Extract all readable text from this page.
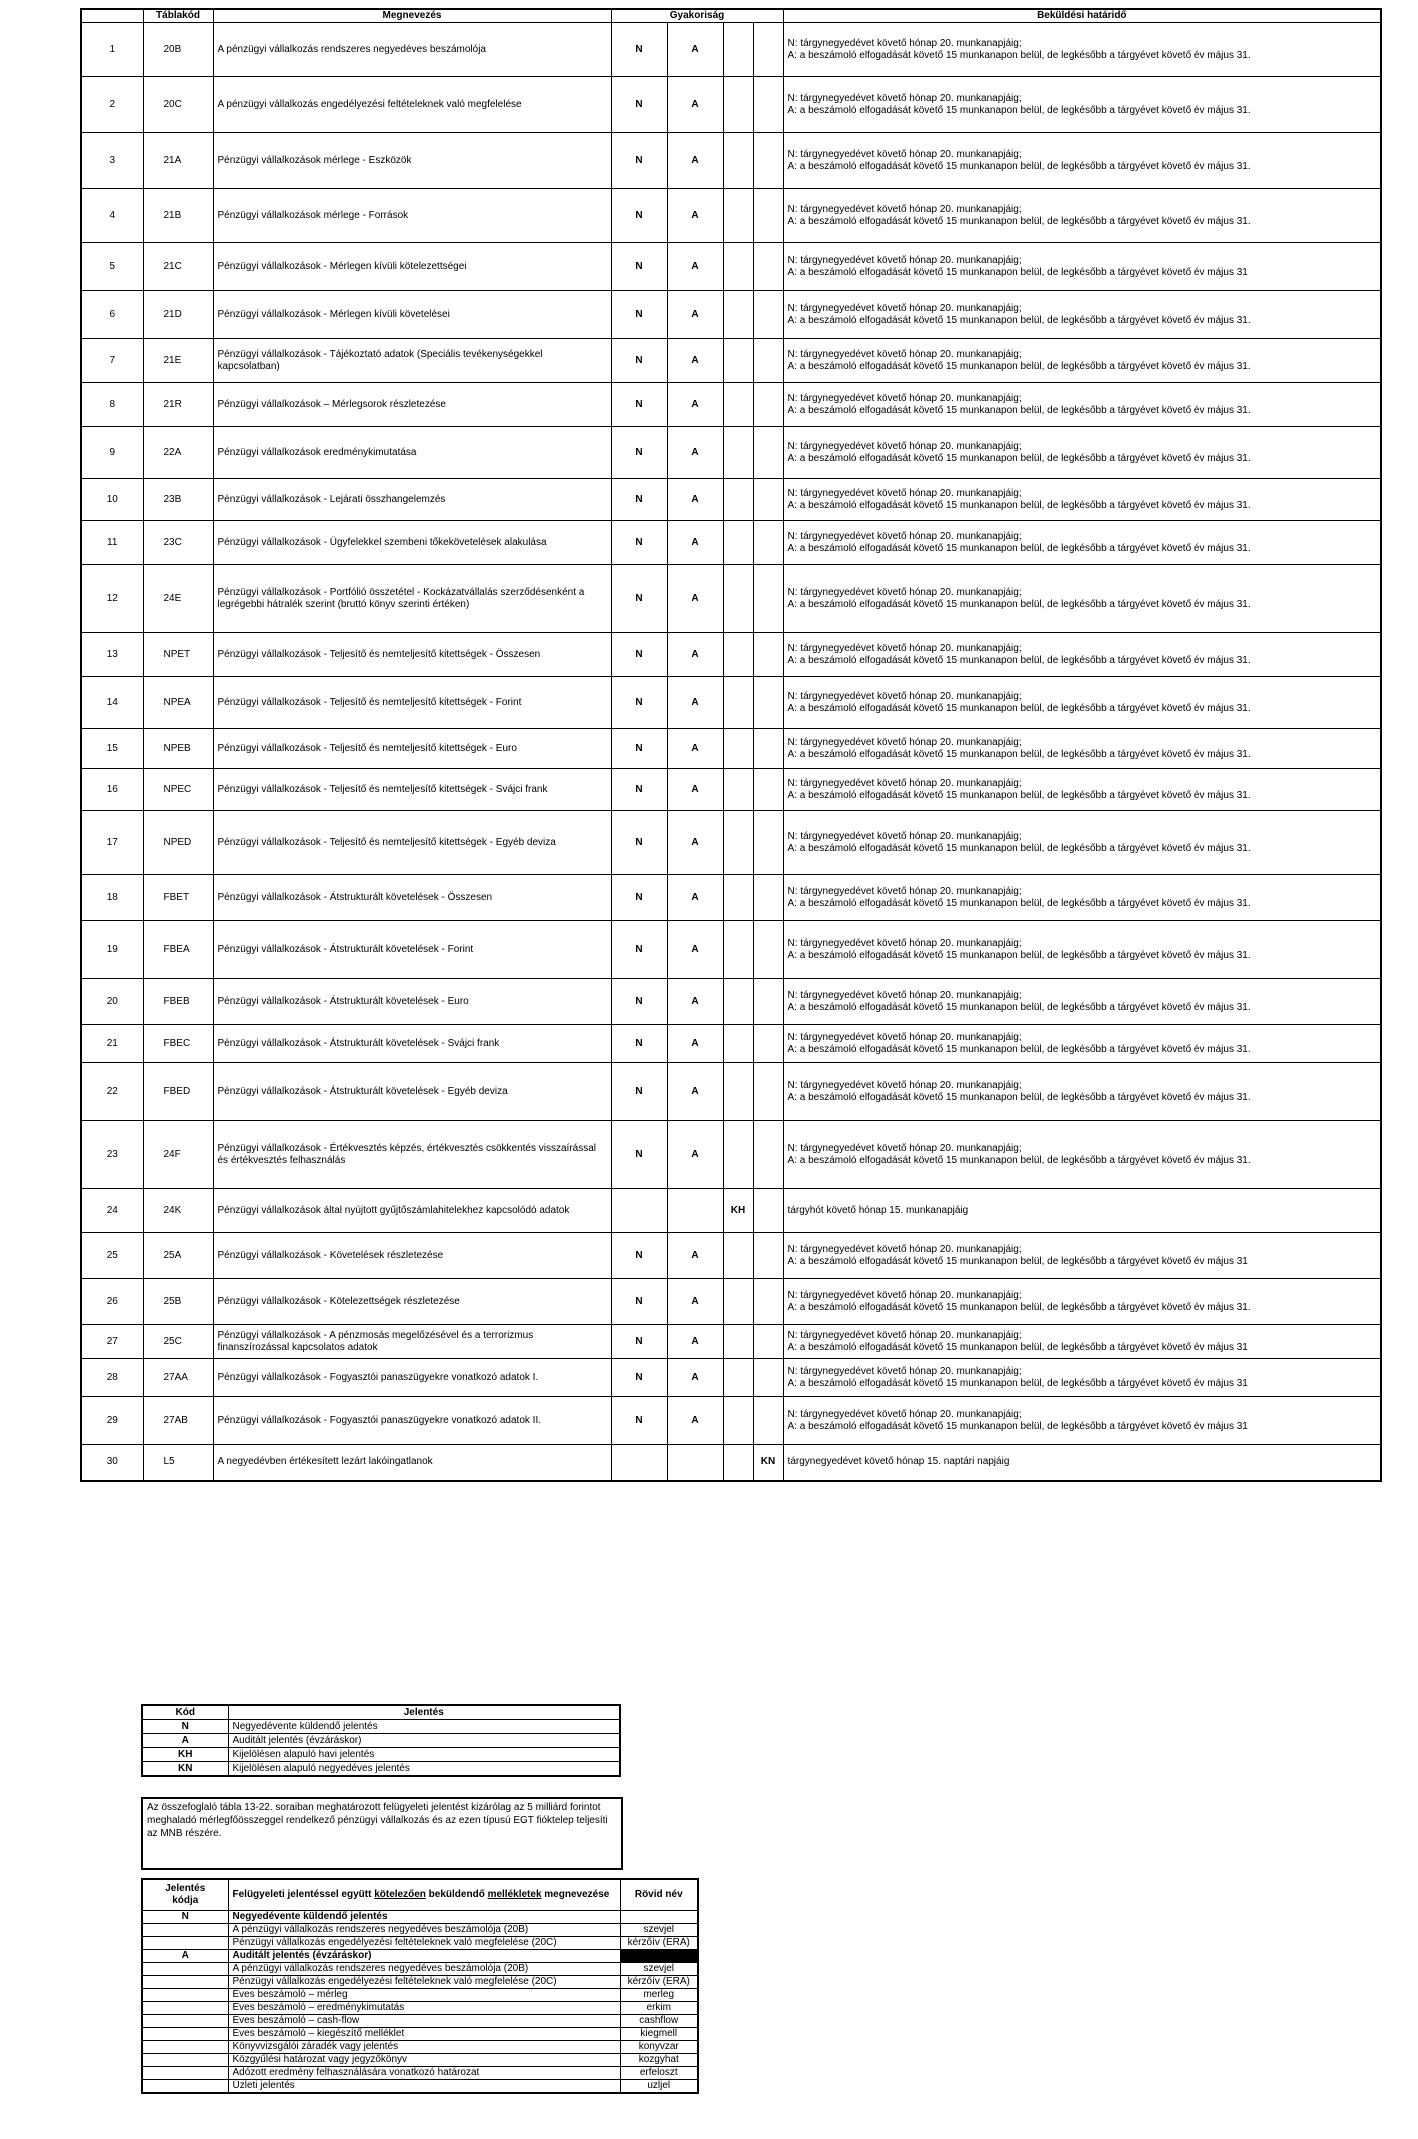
	Táblakód	Megnevezés	Gyakoriság				Beküldési határidő
1	20B	A pénzügyi vállalkozás rendszeres negyedéves beszámolója	N	A			N: tárgynegyedévet követő hónap 20. munkanapjáig;
A: a beszámoló elfogadását követő 15 munkanapon belül, de legkésőbb a tárgyévet követő év május 31.

2	20C	A pénzügyi vállalkozás engedélyezési feltételeknek való megfelelése	N	A			N: tárgynegyedévet követő hónap 20. munkanapjáig;
A: a beszámoló elfogadását követő 15 munkanapon belül, de legkésőbb a tárgyévet követő év május 31.

3	21A	Pénzügyi vállalkozások mérlege - Eszközök	N	A			N: tárgynegyedévet követő hónap 20. munkanapjáig;
A: a beszámoló elfogadását követő 15 munkanapon belül, de legkésőbb a tárgyévet követő év május 31.

4	21B	Pénzügyi vállalkozások mérlege - Források	N	A			N: tárgynegyedévet követő hónap 20. munkanapjáig;
A: a beszámoló elfogadását követő 15 munkanapon belül, de legkésőbb a tárgyévet követő év május 31.

5	21C	Pénzügyi vállalkozások - Mérlegen kívüli kötelezettségei	N	A			N: tárgynegyedévet követő hónap 20. munkanapjáig;
A: a beszámoló elfogadását követő 15 munkanapon belül, de legkésőbb a tárgyévet követő év május 31

6	21D	Pénzügyi vállalkozások - Mérlegen kívüli követelései	N	A			N: tárgynegyedévet követő hónap 20. munkanapjáig;
A: a beszámoló elfogadását követő 15 munkanapon belül, de legkésőbb a tárgyévet követő év május 31.

7	21E	Pénzügyi vállalkozások - Tájékoztató adatok (Speciális tevékenységekkel kapcsolatban)	N	A			N: tárgynegyedévet követő hónap 20. munkanapjáig;
A: a beszámoló elfogadását követő 15 munkanapon belül, de legkésőbb a tárgyévet követő év május 31.

8	21R	Pénzügyi vállalkozások – Mérlegsorok részletezése	N	A			N: tárgynegyedévet követő hónap 20. munkanapjáig;
A: a beszámoló elfogadását követő 15 munkanapon belül, de legkésőbb a tárgyévet követő év május 31.

9	22A	Pénzügyi vállalkozások eredménykimutatása	N	A			N: tárgynegyedévet követő hónap 20. munkanapjáig;
A: a beszámoló elfogadását követő 15 munkanapon belül, de legkésőbb a tárgyévet követő év május 31.

10	23B	Pénzügyi vállalkozások - Lejárati összhangelemzés	N	A			N: tárgynegyedévet követő hónap 20. munkanapjáig;
A: a beszámoló elfogadását követő 15 munkanapon belül, de legkésőbb a tárgyévet követő év május 31.

11	23C	Pénzügyi vállalkozások - Ügyfelekkel szembeni tőkekövetelések alakulása	N	A			N: tárgynegyedévet követő hónap 20. munkanapjáig;
A: a beszámoló elfogadását követő 15 munkanapon belül, de legkésőbb a tárgyévet követő év május 31.

12	24E	Pénzügyi vállalkozások - Portfólió összetétel - Kockázatvállalás szerződésenként a legrégebbi hátralék szerint (bruttó könyv szerinti értéken)	N	A			N: tárgynegyedévet követő hónap 20. munkanapjáig;
A: a beszámoló elfogadását követő 15 munkanapon belül, de legkésőbb a tárgyévet követő év május 31.

13	NPET	Pénzügyi vállalkozások - Teljesítő és nemteljesítő kitettségek - Összesen	N	A			N: tárgynegyedévet követő hónap 20. munkanapjáig;
A: a beszámoló elfogadását követő 15 munkanapon belül, de legkésőbb a tárgyévet követő év május 31.

14	NPEA	Pénzügyi vállalkozások - Teljesítő és nemteljesítő kitettségek - Forint	N	A			N: tárgynegyedévet követő hónap 20. munkanapjáig;
A: a beszámoló elfogadását követő 15 munkanapon belül, de legkésőbb a tárgyévet követő év május 31.

15	NPEB	Pénzügyi vállalkozások - Teljesítő és nemteljesítő kitettségek - Euro	N	A			N: tárgynegyedévet követő hónap 20. munkanapjáig;
A: a beszámoló elfogadását követő 15 munkanapon belül, de legkésőbb a tárgyévet követő év május 31.

16	NPEC	Pénzügyi vállalkozások - Teljesítő és nemteljesítő kitettségek - Svájci frank	N	A			N: tárgynegyedévet követő hónap 20. munkanapjáig;
A: a beszámoló elfogadását követő 15 munkanapon belül, de legkésőbb a tárgyévet követő év május 31.

17	NPED	Pénzügyi vállalkozások - Teljesítő és nemteljesítő kitettségek - Egyéb deviza	N	A			N: tárgynegyedévet követő hónap 20. munkanapjáig;
A: a beszámoló elfogadását követő 15 munkanapon belül, de legkésőbb a tárgyévet követő év május 31.

18	FBET	Pénzügyi vállalkozások - Átstrukturált követelések - Összesen	N	A			N: tárgynegyedévet követő hónap 20. munkanapjáig;
A: a beszámoló elfogadását követő 15 munkanapon belül, de legkésőbb a tárgyévet követő év május 31.

19	FBEA	Pénzügyi vállalkozások - Átstrukturált követelések - Forint	N	A			N: tárgynegyedévet követő hónap 20. munkanapjáig;
A: a beszámoló elfogadását követő 15 munkanapon belül, de legkésőbb a tárgyévet követő év május 31.

20	FBEB	Pénzügyi vállalkozások - Átstrukturált követelések - Euro	N	A			N: tárgynegyedévet követő hónap 20. munkanapjáig;
A: a beszámoló elfogadását követő 15 munkanapon belül, de legkésőbb a tárgyévet követő év május 31.

21	FBEC	Pénzügyi vállalkozások - Átstrukturált követelések - Svájci frank	N	A			N: tárgynegyedévet követő hónap 20. munkanapjáig;
A: a beszámoló elfogadását követő 15 munkanapon belül, de legkésőbb a tárgyévet követő év május 31.

22	FBED	Pénzügyi vállalkozások - Átstrukturált követelések - Egyéb deviza	N	A			N: tárgynegyedévet követő hónap 20. munkanapjáig;
A: a beszámoló elfogadását követő 15 munkanapon belül, de legkésőbb a tárgyévet követő év május 31.

23	24F	Pénzügyi vállalkozások - Értékvesztés képzés, értékvesztés csökkentés visszaírással és értékvesztés felhasználás	N	A			N: tárgynegyedévet követő hónap 20. munkanapjáig;
A: a beszámoló elfogadását követő 15 munkanapon belül, de legkésőbb a tárgyévet követő év május 31.

24	24K	Pénzügyi vállalkozások által nyújtott gyűjtőszámlahitelekhez kapcsolódó adatok			KH		tárgyhót követő hónap 15. munkanapjáig

25	25A	Pénzügyi vállalkozások - Követelések részletezése	N	A			N: tárgynegyedévet követő hónap 20. munkanapjáig;
A: a beszámoló elfogadását követő 15 munkanapon belül, de legkésőbb a tárgyévet követő év május 31

26	25B	Pénzügyi vállalkozások - Kötelezettségek részletezése	N	A			N: tárgynegyedévet követő hónap 20. munkanapjáig;
A: a beszámoló elfogadását követő 15 munkanapon belül, de legkésőbb a tárgyévet követő év május 31.

27	25C	Pénzügyi vállalkozások - A pénzmosás megelőzésével és a terrorizmus finanszírozással kapcsolatos adatok	N	A			N: tárgynegyedévet követő hónap 20. munkanapjáig;
A: a beszámoló elfogadását követő 15 munkanapon belül, de legkésőbb a tárgyévet követő év május 31

28	27AA	Pénzügyi vállalkozások - Fogyasztói panaszügyekre vonatkozó adatok I.	N	A			N: tárgynegyedévet követő hónap 20. munkanapjáig;
A: a beszámoló elfogadását követő 15 munkanapon belül, de legkésőbb a tárgyévet követő év május 31

29	27AB	Pénzügyi vállalkozások - Fogyasztói panaszügyekre vonatkozó adatok II.	N	A			N: tárgynegyedévet követő hónap 20. munkanapjáig;
A: a beszámoló elfogadását követő 15 munkanapon belül, de legkésőbb a tárgyévet követő év május 31

30	L5	A negyedévben értékesített lezárt lakóingatlanok				KN	tárgynegyedévet követő hónap 15. naptári napjáig
Kód	Jelentés
N	Negyedévente küldendő jelentés
A	Auditált jelentés (évzáráskor)
KH	Kijelölésen alapuló havi jelentés
KN	Kijelölésen alapuló negyedéves jelentés
Az összefoglaló tábla 13-22. soraiban meghatározott felügyeleti jelentést kizárólag az 5 milliárd forintot meghaladó mérlegfőösszeggel rendelkező pénzügyi vállalkozás és az ezen típusú EGT fióktelep teljesíti az MNB részére.
Jelentés
kódja	Felügyeleti jelentéssel együtt kötelezően beküldendő mellékletek megnevezése	Rövid név
N	Negyedévente küldendő jelentés	
	A pénzügyi vállalkozás rendszeres negyedéves beszámolója (20B)	szevjel
	Pénzügyi vállalkozás engedélyezési feltételeknek való megfelelése (20C)	kérzőív (ERA)
A	Auditált jelentés (évzáráskor)	
	A pénzügyi vállalkozás rendszeres negyedéves beszámolója (20B)	szevjel
	Pénzügyi vállalkozás engedélyezési feltételeknek való megfelelése (20C)	kérzőív (ERA)
	Éves beszámoló – mérleg	merleg
	Éves beszámoló – eredménykimutatás	erkim
	Éves beszámoló – cash-flow	cashflow
	Éves beszámoló – kiegészítő melléklet	kiegmell
	Könyvvizsgálói záradék vagy jelentés	konyvzar
	Közgyűlési határozat vagy jegyzőkönyv	kozgyhat
	Adózott eredmény felhasználására vonatkozó határozat	erfeloszt
	Üzleti jelentés	uzljel
